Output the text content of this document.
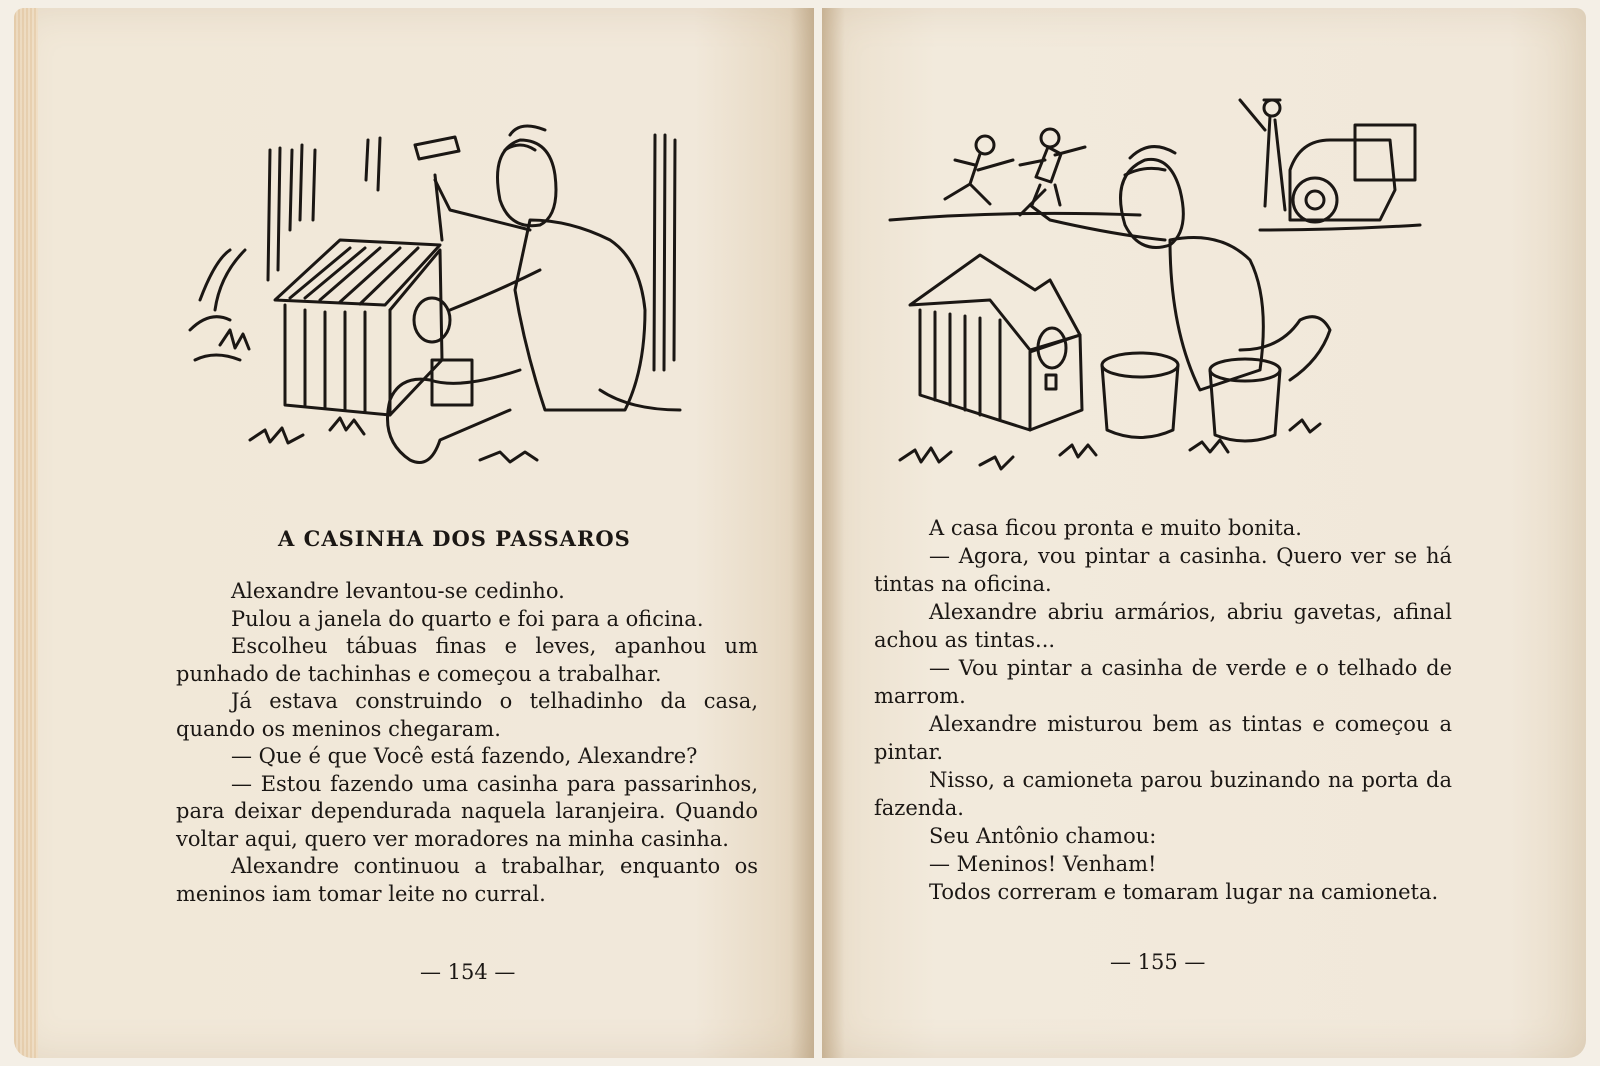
A CASINHA DOS PASSAROS

Alexandre levantou-se cedinho.

Pulou a janela do quarto e foi para a oficina.

Escolheu tábuas finas e leves, apanhou um punhado de tachinhas e começou a trabalhar.

Já estava construindo o telhadinho da casa, quando os meninos chegaram.

— Que é que Você está fazendo, Alexandre?

— Estou fazendo uma casinha para passarinhos, para deixar dependurada naquela laranjeira. Quando voltar aqui, quero ver moradores na minha casinha.

Alexandre continuou a trabalhar, enquanto os meninos iam tomar leite no curral.

— 154 —

A casa ficou pronta e muito bonita.

— Agora, vou pintar a casinha. Quero ver se há tintas na oficina.

Alexandre abriu armários, abriu gavetas, afinal achou as tintas...

— Vou pintar a casinha de verde e o telhado de marrom.

Alexandre misturou bem as tintas e começou a pintar.

Nisso, a camioneta parou buzinando na porta da fazenda.

Seu Antônio chamou:

— Meninos! Venham!

Todos correram e tomaram lugar na camioneta.

— 155 —
